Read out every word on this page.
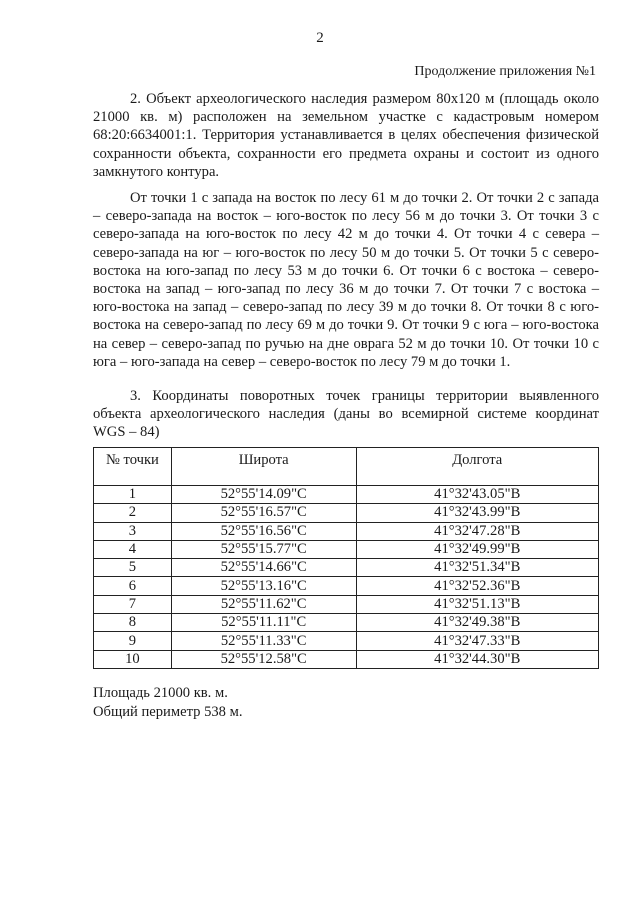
2
Продолжение приложения №1

2. Объект археологического наследия размером 80х120 м (площадь около 21000 кв. м) расположен на земельном участке с кадастровым номером 68:20:6634001:1. Территория устанавливается в целях обеспечения физической сохранности объекта, сохранности его предмета охраны и состоит из одного замкнутого контура.

От точки 1 с запада на восток по лесу 61 м до точки 2. От точки 2 с запада – северо-запада на восток – юго-восток по лесу 56 м до точки 3. От точки 3 с северо-запада на юго-восток по лесу 42 м до точки 4. От точки 4 с севера – северо-запада на юг – юго-восток по лесу 50 м до точки 5. От точки 5 с северо-востока на юго-запад по лесу 53 м до точки 6. От точки 6 с востока – северо-востока на запад – юго-запад по лесу 36 м до точки 7. От точки 7 с востока – юго-востока на запад – северо-запад по лесу 39 м до точки 8. От точки 8 с юго-востока на северо-запад по лесу 69 м до точки 9. От точки 9 с юга – юго-востока на север – северо-запад по ручью на дне оврага 52 м до точки 10. От точки 10 с юга – юго-запада на север – северо-восток по лесу 79 м до точки 1.

3. Координаты поворотных точек границы территории выявленного объекта археологического наследия (даны во всемирной системе координат WGS – 84)

№ точки	Широта	Долгота
1	52°55'14.09"С	41°32'43.05"В
2	52°55'16.57"С	41°32'43.99"В
3	52°55'16.56"С	41°32'47.28"В
4	52°55'15.77"С	41°32'49.99"В
5	52°55'14.66"С	41°32'51.34"В
6	52°55'13.16"С	41°32'52.36"В
7	52°55'11.62"С	41°32'51.13"В
8	52°55'11.11"С	41°32'49.38"В
9	52°55'11.33"С	41°32'47.33"В
10	52°55'12.58"С	41°32'44.30"В
Площадь 21000 кв. м.
Общий периметр 538 м.
